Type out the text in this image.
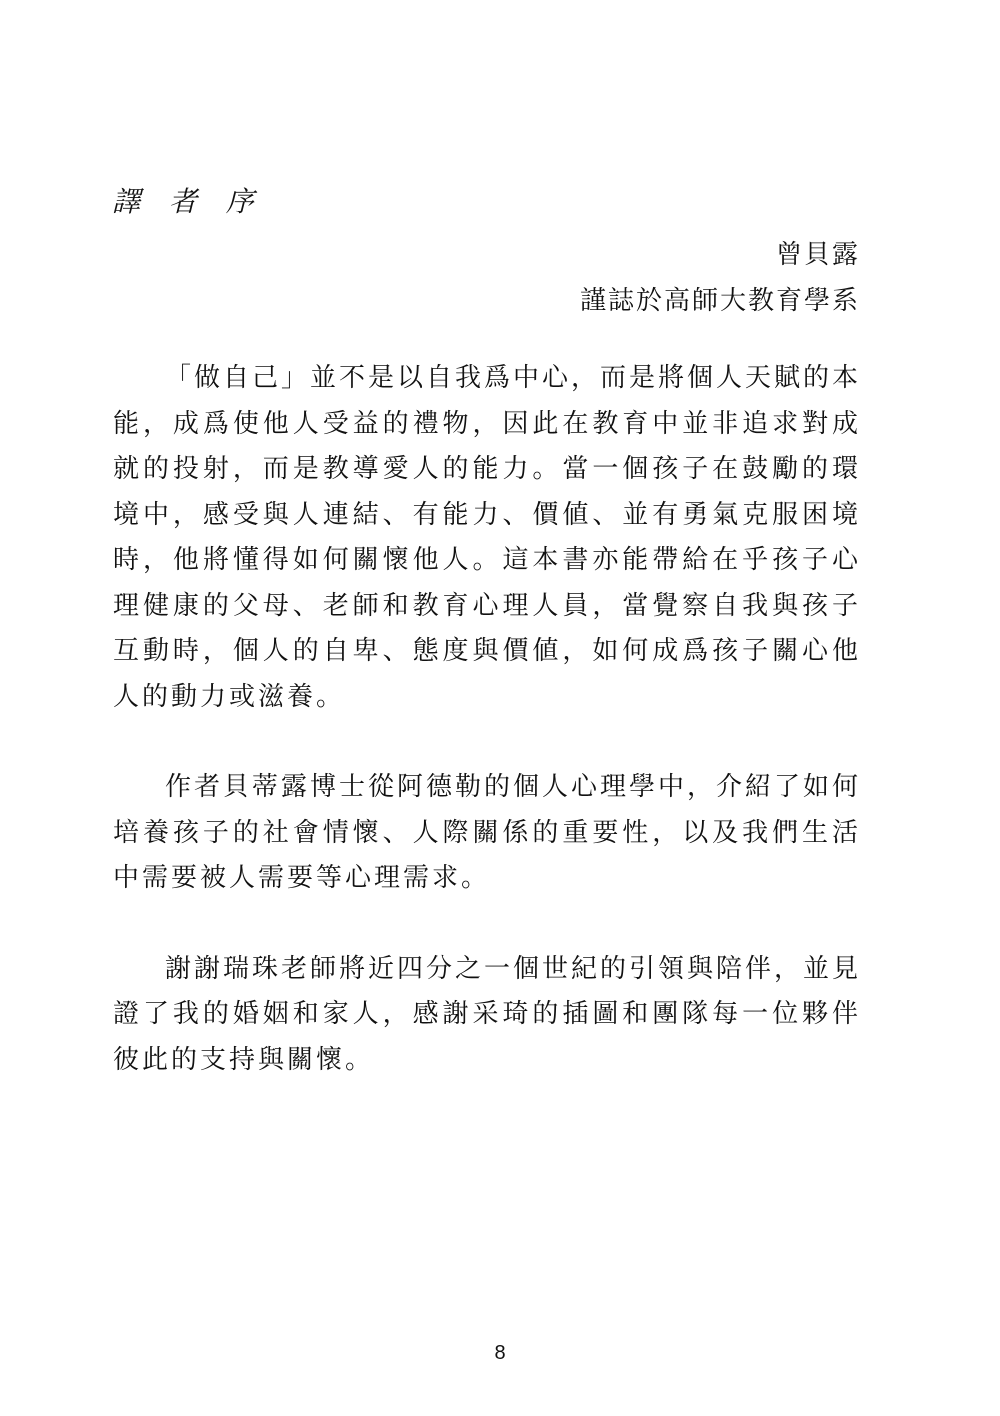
譯 者 序
曾貝露
謹誌於高師大教育學系

「做自己」並不是以自我爲中心，而是將個人天賦的本能，成爲使他人受益的禮物，因此在教育中並非追求對成就的投射，而是教導愛人的能力。當一個孩子在鼓勵的環境中，感受與人連結、有能力、價値、並有勇氣克服困境時，他將懂得如何關懷他人。這本書亦能帶給在乎孩子心理健康的父母、老師和教育心理人員，當覺察自我與孩子互動時，個人的自卑、態度與價値，如何成爲孩子關心他人的動力或滋養。

作者貝蒂露博士從阿德勒的個人心理學中，介紹了如何培養孩子的社會情懷、人際關係的重要性，以及我們生活中需要被人需要等心理需求。

謝謝瑞珠老師將近四分之一個世紀的引領與陪伴，並見證了我的婚姻和家人，感謝采琦的插圖和團隊每一位夥伴彼此的支持與關懷。

8
